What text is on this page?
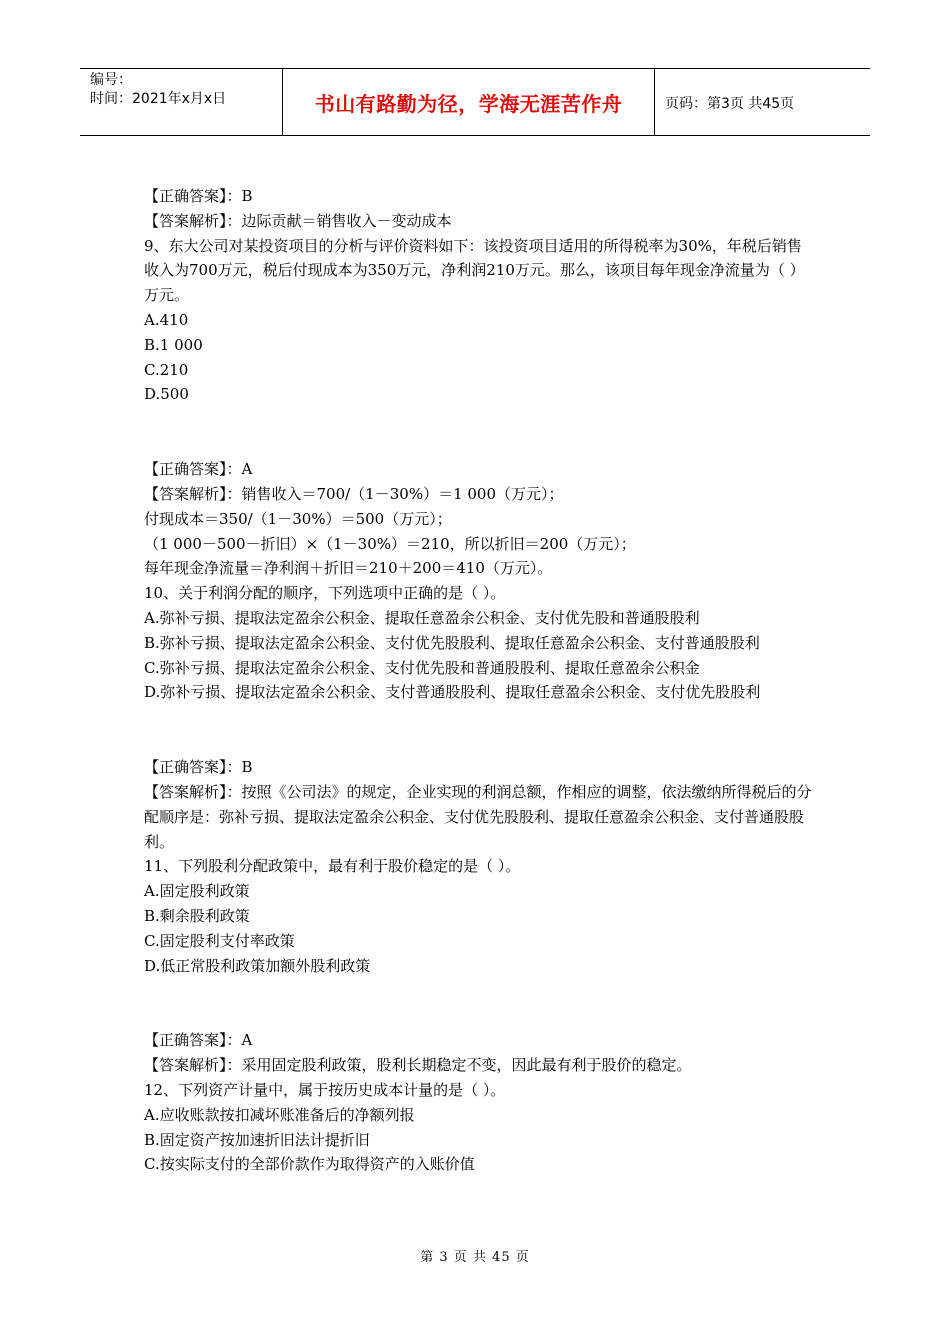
编号：
时间：2021年x月x日	书山有路勤为径，学海无涯苦作舟	页码：第3页 共45页

【正确答案】：B

【答案解析】：边际贡献＝销售收入－变动成本

9、东大公司对某投资项目的分析与评价资料如下：该投资项目适用的所得税率为30%，年税后销售收入为700万元，税后付现成本为350万元，净利润210万元。那么，该项目每年现金净流量为（ ）万元。

A.410

B.1 000

C.210

D.500

【正确答案】：A

【答案解析】：销售收入＝700/（1－30%）＝1 000（万元）；

付现成本＝350/（1－30%）＝500（万元）；

（1 000－500－折旧）×（1－30%）＝210，所以折旧＝200（万元）；

每年现金净流量＝净利润＋折旧＝210＋200＝410（万元）。

10、关于利润分配的顺序，下列选项中正确的是（ ）。

A.弥补亏损、提取法定盈余公积金、提取任意盈余公积金、支付优先股和普通股股利

B.弥补亏损、提取法定盈余公积金、支付优先股股利、提取任意盈余公积金、支付普通股股利

C.弥补亏损、提取法定盈余公积金、支付优先股和普通股股利、提取任意盈余公积金

D.弥补亏损、提取法定盈余公积金、支付普通股股利、提取任意盈余公积金、支付优先股股利

【正确答案】：B

【答案解析】：按照《公司法》的规定，企业实现的利润总额，作相应的调整，依法缴纳所得税后的分配顺序是：弥补亏损、提取法定盈余公积金、支付优先股股利、提取任意盈余公积金、支付普通股股利。

11、下列股利分配政策中，最有利于股价稳定的是（ ）。

A.固定股利政策

B.剩余股利政策

C.固定股利支付率政策

D.低正常股利政策加额外股利政策

【正确答案】：A

【答案解析】：采用固定股利政策，股利长期稳定不变，因此最有利于股价的稳定。

12、下列资产计量中，属于按历史成本计量的是（ ）。

A.应收账款按扣减坏账准备后的净额列报

B.固定资产按加速折旧法计提折旧

C.按实际支付的全部价款作为取得资产的入账价值

第 3 页 共 45 页
